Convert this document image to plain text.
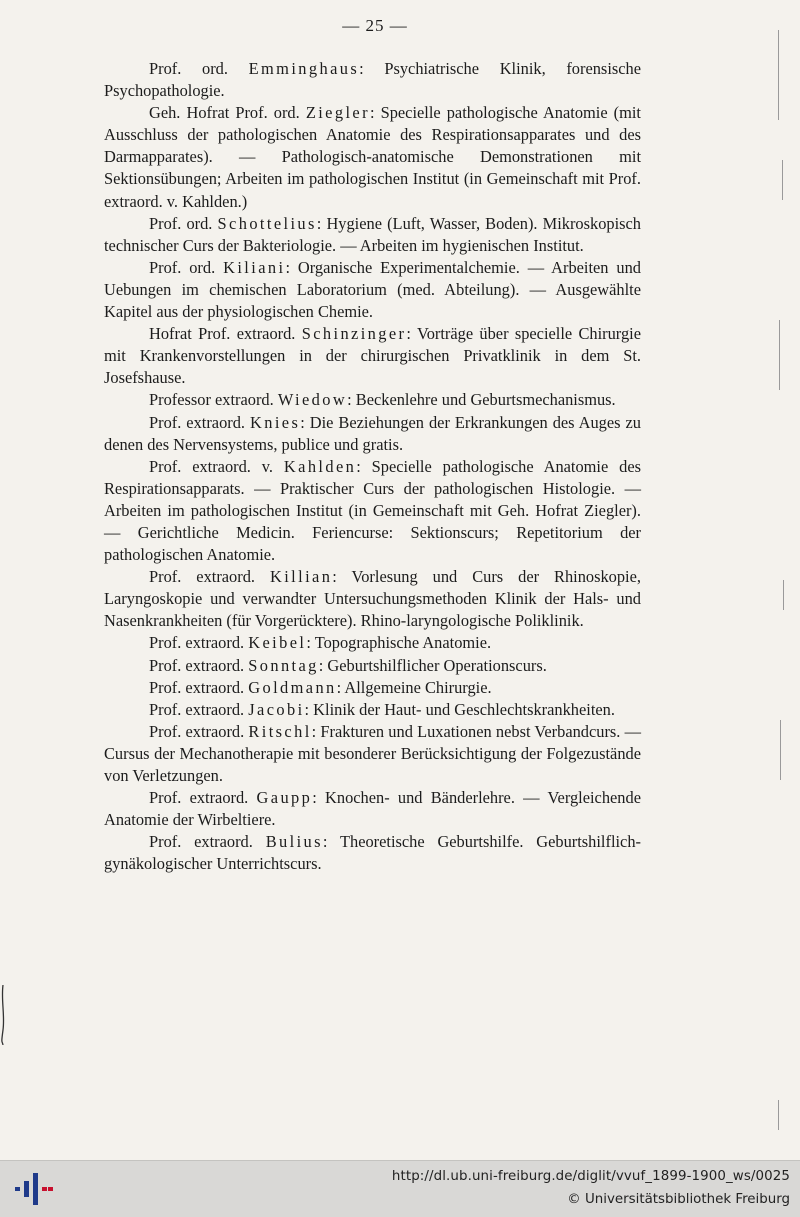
— 25 —

Prof. ord. Emminghaus: Psychiatrische Klinik, forensische Psychopathologie.

Geh. Hofrat Prof. ord. Ziegler: Specielle pathologische Anatomie (mit Ausschluss der pathologischen Anatomie des Respirationsapparates und des Darmapparates). — Pathologisch-anatomische Demonstrationen mit Sektionsübungen; Arbeiten im pathologischen Institut (in Gemeinschaft mit Prof. extraord. v. Kahlden.)

Prof. ord. Schottelius: Hygiene (Luft, Wasser, Boden). Mikroskopisch technischer Curs der Bakteriologie. — Arbeiten im hygienischen Institut.

Prof. ord. Kiliani: Organische Experimentalchemie. — Arbeiten und Uebungen im chemischen Laboratorium (med. Abteilung). — Ausgewählte Kapitel aus der physiologischen Chemie.

Hofrat Prof. extraord. Schinzinger: Vorträge über specielle Chirurgie mit Krankenvorstellungen in der chirurgischen Privatklinik in dem St. Josefshause.

Professor extraord. Wiedow: Beckenlehre und Geburtsmechanismus.

Prof. extraord. Knies: Die Beziehungen der Erkrankungen des Auges zu denen des Nervensystems, publice und gratis.

Prof. extraord. v. Kahlden: Specielle pathologische Anatomie des Respirationsapparats. — Praktischer Curs der pathologischen Histologie. — Arbeiten im pathologischen Institut (in Gemeinschaft mit Geh. Hofrat Ziegler). — Gerichtliche Medicin. Feriencurse: Sektionscurs; Repetitorium der pathologischen Anatomie.

Prof. extraord. Killian: Vorlesung und Curs der Rhinoskopie, Laryngoskopie und verwandter Untersuchungsmethoden Klinik der Hals- und Nasenkrankheiten (für Vorgerücktere). Rhino-laryngologische Poliklinik.

Prof. extraord. Keibel: Topographische Anatomie.

Prof. extraord. Sonntag: Geburtshilflicher Operationscurs.

Prof. extraord. Goldmann: Allgemeine Chirurgie.

Prof. extraord. Jacobi: Klinik der Haut- und Geschlechtskrankheiten.

Prof. extraord. Ritschl: Frakturen und Luxationen nebst Verbandcurs. — Cursus der Mechanotherapie mit besonderer Berücksichtigung der Folgezustände von Verletzungen.

Prof. extraord. Gaupp: Knochen- und Bänderlehre. — Vergleichende Anatomie der Wirbeltiere.

Prof. extraord. Bulius: Theoretische Geburtshilfe. Geburtshilflich-gynäkologischer Unterrichtscurs.

http://dl.ub.uni-freiburg.de/diglit/vvuf_1899-1900_ws/0025
© Universitätsbibliothek Freiburg
